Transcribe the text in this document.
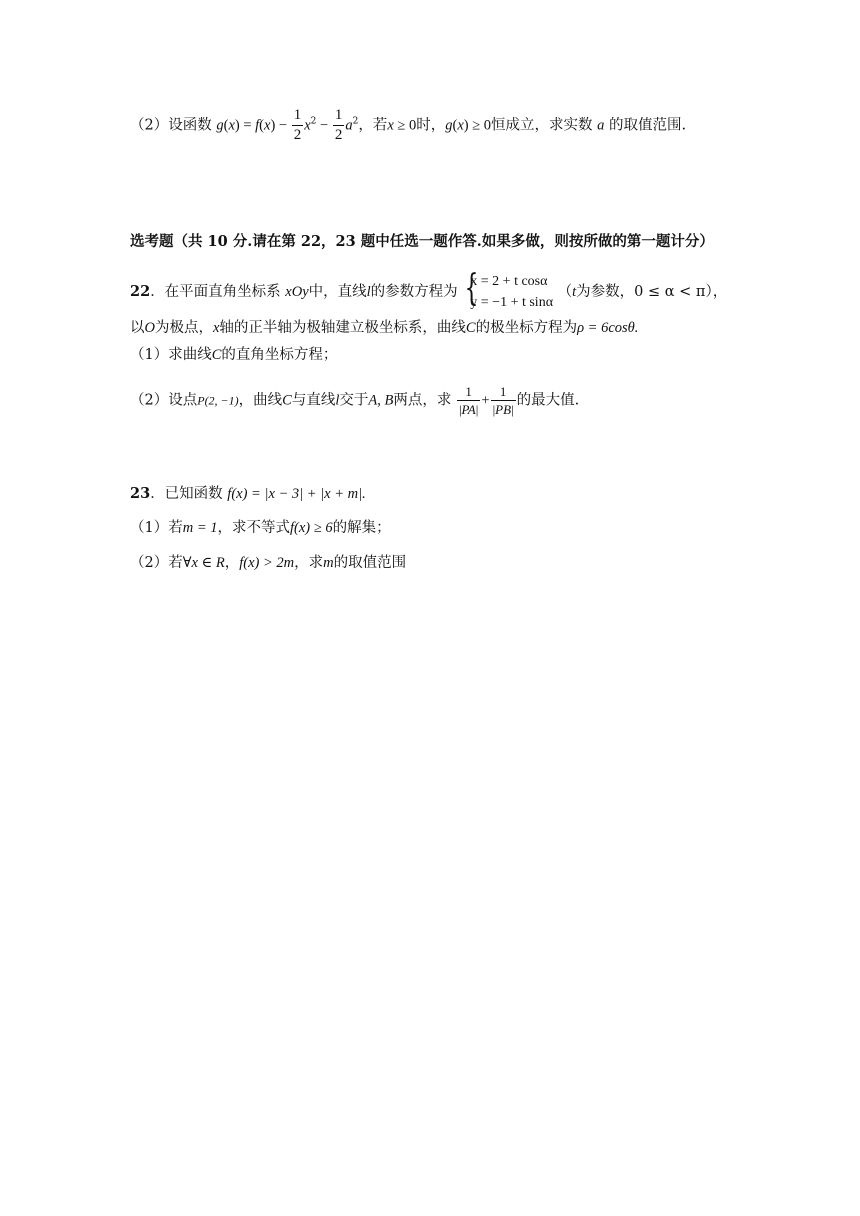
（2）设函数 $g(x) = f(x) - \frac{1}{2} x^2 - \frac{1}{2} a^2$，若x ≥ 0时，g(x) ≥ 0恒成立，求实数 a 的取值范围.
选考题（共 10 分.请在第 22，23 题中任选一题作答.如果多做，则按所做的第一题计分）
22．在平面直角坐标系 xOy中，直线l的参数方程为 {
x = 2 + t cosα
y = −1 + t sinα
（t为参数，0 ≤ α < π），
以O为极点，x轴的正半轴为极轴建立极坐标系，曲线C的极坐标方程为ρ = 6cosθ.
（1）求曲线C的直角坐标方程；
（2）设点P(2, −1)，曲线C与直线l交于A, B两点，求 $\frac{1}{|PA|} + \frac{1}{|PB|}$ 的最大值.
23．已知函数 f(x) = |x − 3| + |x + m|.
（1）若m = 1，求不等式f(x) ≥ 6的解集；
（2）若∀x ∈ R，f(x) > 2m，求m的取值范围
